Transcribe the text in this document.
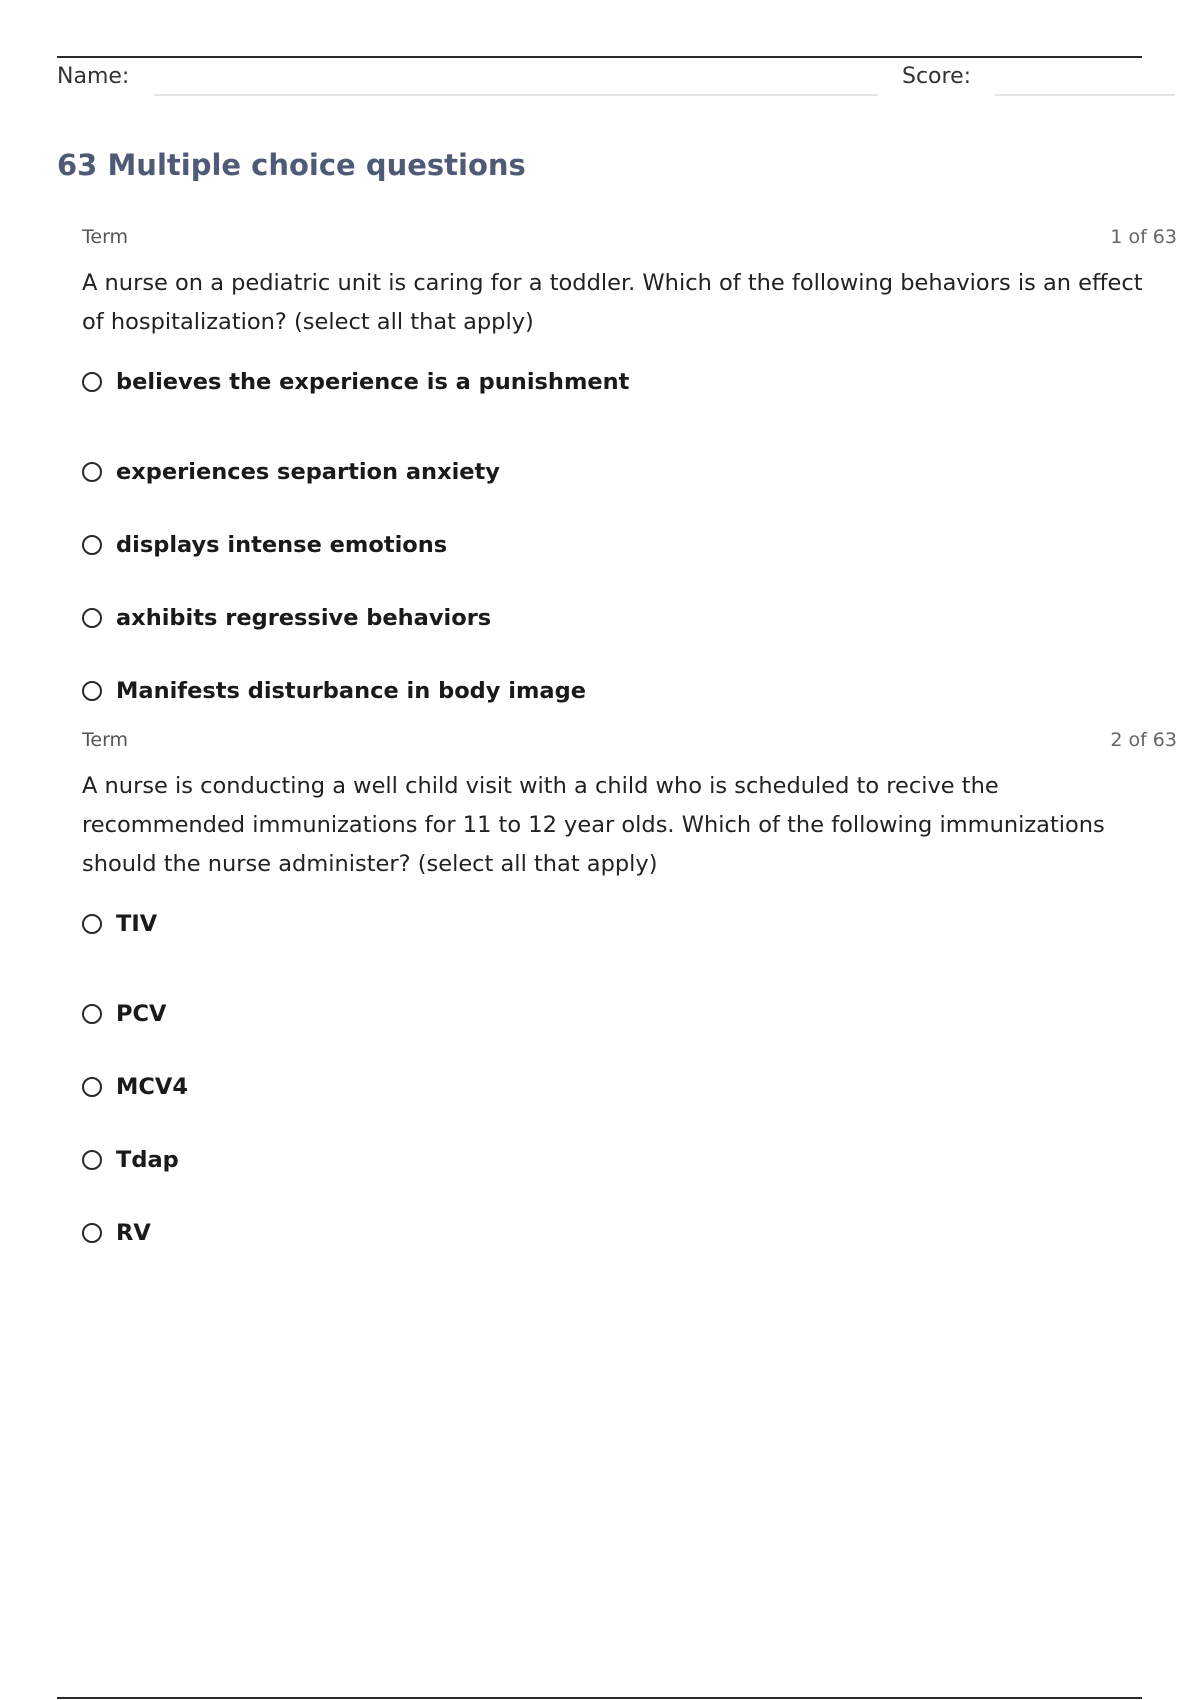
Name:	Score:
63 Multiple choice questions
Term	1 of 63

A nurse on a pediatric unit is caring for a toddler. Which of the following behaviors is an effect of hospitalization? (select all that apply)

believes the experience is a punishment
experiences separtion anxiety
displays intense emotions
axhibits regressive behaviors
Manifests disturbance in body image
Term	2 of 63

A nurse is conducting a well child visit with a child who is scheduled to recive the recommended immunizations for 11 to 12 year olds. Which of the following immunizations should the nurse administer? (select all that apply)

TIV
PCV
MCV4
Tdap
RV
